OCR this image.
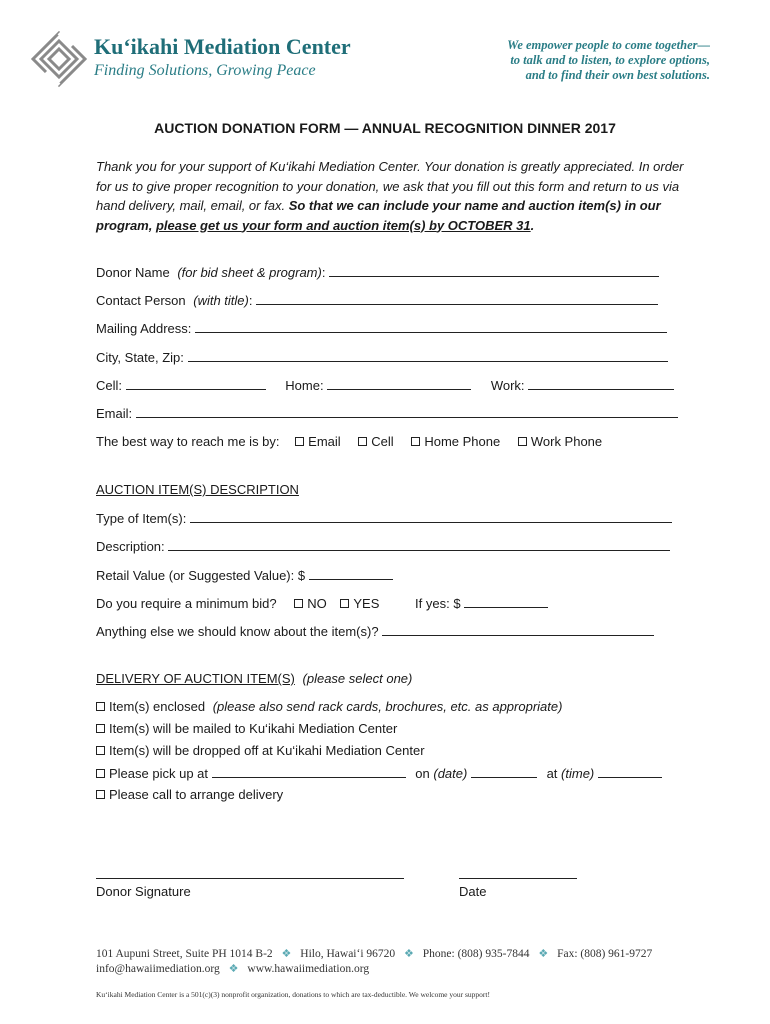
Ku‘ikahi Mediation Center
Finding Solutions, Growing Peace
We empower people to come together—
to talk and to listen, to explore options,
and to find their own best solutions.
AUCTION DONATION FORM — ANNUAL RECOGNITION DINNER 2017
Thank you for your support of Ku‘ikahi Mediation Center. Your donation is greatly appreciated. In order for us to give proper recognition to your donation, we ask that you fill out this form and return to us via hand delivery, mail, email, or fax. So that we can include your name and auction item(s) in our program, please get us your form and auction item(s) by OCTOBER 31.
Donor Name (for bid sheet & program):
Contact Person (with title):
Mailing Address:
City, State, Zip:
Cell:	Home:	Work:
Email:
The best way to reach me is by: Email Cell Home Phone Work Phone
AUCTION ITEM(S) DESCRIPTION
Type of Item(s):
Description:
Retail Value (or Suggested Value): $
Do you require a minimum bid? NO YES	If yes: $
Anything else we should know about the item(s)?
DELIVERY OF AUCTION ITEM(S) (please select one)
Item(s) enclosed (please also send rack cards, brochures, etc. as appropriate)
Item(s) will be mailed to Ku‘ikahi Mediation Center
Item(s) will be dropped off at Ku‘ikahi Mediation Center
Please pick up at	on (date)	at (time)
Please call to arrange delivery
Donor Signature	Date
101 Aupuni Street, Suite PH 1014 B-2 ❖ Hilo, Hawai‘i 96720 ❖ Phone: (808) 935-7844 ❖ Fax: (808) 961-9727
info@hawaiimediation.org ❖ www.hawaiimediation.org
Ku‘ikahi Mediation Center is a 501(c)(3) nonprofit organization, donations to which are tax-deductible. We welcome your support!
